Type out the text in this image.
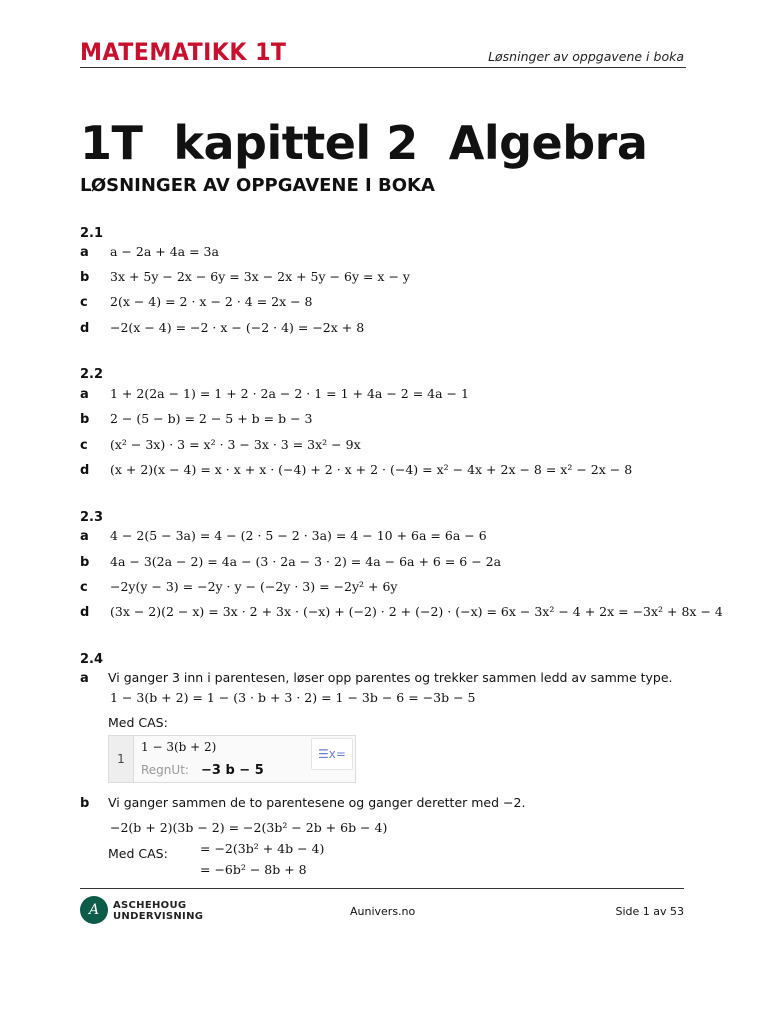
MATEMATIKK 1T	Løsninger av oppgavene i boka
1T  kapittel 2  Algebra
LØSNINGER AV OPPGAVENE I BOKA
2.1
a a − 2a + 4a = 3a
b 3x + 5y − 2x − 6y = 3x − 2x + 5y − 6y = x − y
c 2(x − 4) = 2 · x − 2 · 4 = 2x − 8
d −2(x − 4) = −2 · x − (−2 · 4) = −2x + 8
2.2
a 1 + 2(2a − 1) = 1 + 2 · 2a − 2 · 1 = 1 + 4a − 2 = 4a − 1
b 2 − (5 − b) = 2 − 5 + b = b − 3
c (x² − 3x) · 3 = x² · 3 − 3x · 3 = 3x² − 9x
d (x + 2)(x − 4) = x · x + x · (−4) + 2 · x + 2 · (−4) = x² − 4x + 2x − 8 = x² − 2x − 8
2.3
a 4 − 2(5 − 3a) = 4 − (2 · 5 − 2 · 3a) = 4 − 10 + 6a = 6a − 6
b 4a − 3(2a − 2) = 4a − (3 · 2a − 3 · 2) = 4a − 6a + 6 = 6 − 2a
c −2y(y − 3) = −2y · y − (−2y · 3) = −2y² + 6y
d (3x − 2)(2 − x) = 3x · 2 + 3x · (−x) + (−2) · 2 + (−2) · (−x) = 6x − 3x² − 4 + 2x = −3x² + 8x − 4
2.4
a Vi ganger 3 inn i parentesen, løser opp parentes og trekker sammen ledd av samme type.
1 − 3(b + 2) = 1 − (3 · b + 3 · 2) = 1 − 3b − 6 = −3b − 5
Med CAS:
1
1 − 3(b + 2)
RegnUt: −3 b − 5
☰x=
b Vi ganger sammen de to parentesene og ganger deretter med −2.
−2(b + 2)(3b − 2) = −2(3b² − 2b + 6b − 4)
Med CAS:	= −2(3b² + 4b − 4)
= −6b² − 8b + 8
A	ASCHEHOUG
UNDERVISNING	Aunivers.no	Side 1 av 53
